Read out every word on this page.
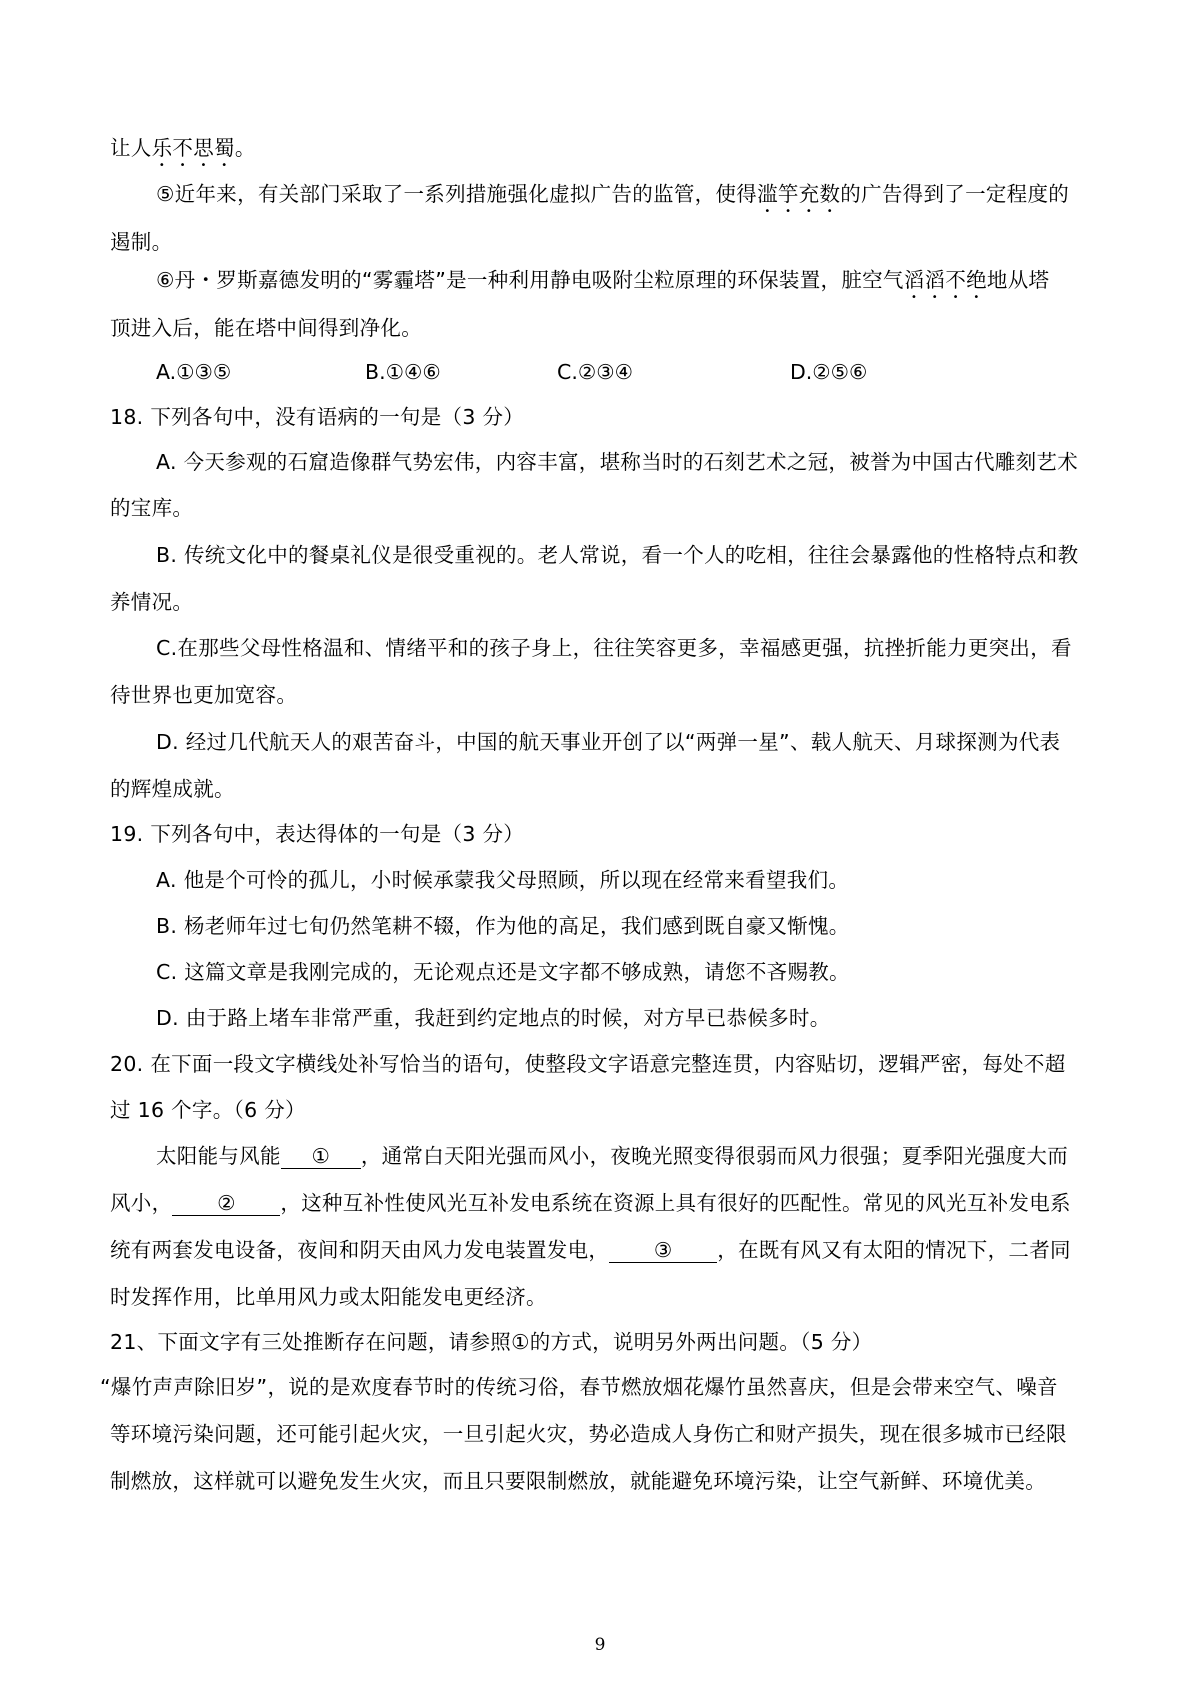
让人乐不思蜀。
⑤近年来，有关部门采取了一系列措施强化虚拟广告的监管，使得滥竽充数的广告得到了一定程度的
遏制。
⑥丹・罗斯嘉德发明的“雾霾塔”是一种利用静电吸附尘粒原理的环保装置，脏空气滔滔不绝地从塔
顶进入后，能在塔中间得到净化。
A.①③⑤	B.①④⑥	C.②③④	D.②⑤⑥
18. 下列各句中，没有语病的一句是（3 分）
A. 今天参观的石窟造像群气势宏伟，内容丰富，堪称当时的石刻艺术之冠，被誉为中国古代雕刻艺术
的宝库。
B. 传统文化中的餐桌礼仪是很受重视的。老人常说，看一个人的吃相，往往会暴露他的性格特点和教
养情况。
C.在那些父母性格温和、情绪平和的孩子身上，往往笑容更多，幸福感更强，抗挫折能力更突出，看
待世界也更加宽容。
D. 经过几代航天人的艰苦奋斗，中国的航天事业开创了以“两弹一星”、载人航天、月球探测为代表
的辉煌成就。
19. 下列各句中，表达得体的一句是（3 分）
A. 他是个可怜的孤儿，小时候承蒙我父母照顾，所以现在经常来看望我们。
B. 杨老师年过七旬仍然笔耕不辍，作为他的高足，我们感到既自豪又惭愧。
C. 这篇文章是我刚完成的，无论观点还是文字都不够成熟，请您不吝赐教。
D. 由于路上堵车非常严重，我赶到约定地点的时候，对方早已恭候多时。
20. 在下面一段文字横线处补写恰当的语句，使整段文字语意完整连贯，内容贴切，逻辑严密，每处不超
过 16 个字。（6 分）
太阳能与风能 ① ，通常白天阳光强而风小，夜晚光照变得很弱而风力很强；夏季阳光强度大而
风小， ② ，这种互补性使风光互补发电系统在资源上具有很好的匹配性。常见的风光互补发电系
统有两套发电设备，夜间和阴天由风力发电装置发电， ③ ，在既有风又有太阳的情况下，二者同
时发挥作用，比单用风力或太阳能发电更经济。
21、下面文字有三处推断存在问题，请参照①的方式，说明另外两出问题。（5 分）
“爆竹声声除旧岁”，说的是欢度春节时的传统习俗，春节燃放烟花爆竹虽然喜庆，但是会带来空气、噪音
等环境污染问题，还可能引起火灾，一旦引起火灾，势必造成人身伤亡和财产损失，现在很多城市已经限
制燃放，这样就可以避免发生火灾，而且只要限制燃放，就能避免环境污染，让空气新鲜、环境优美。
9
